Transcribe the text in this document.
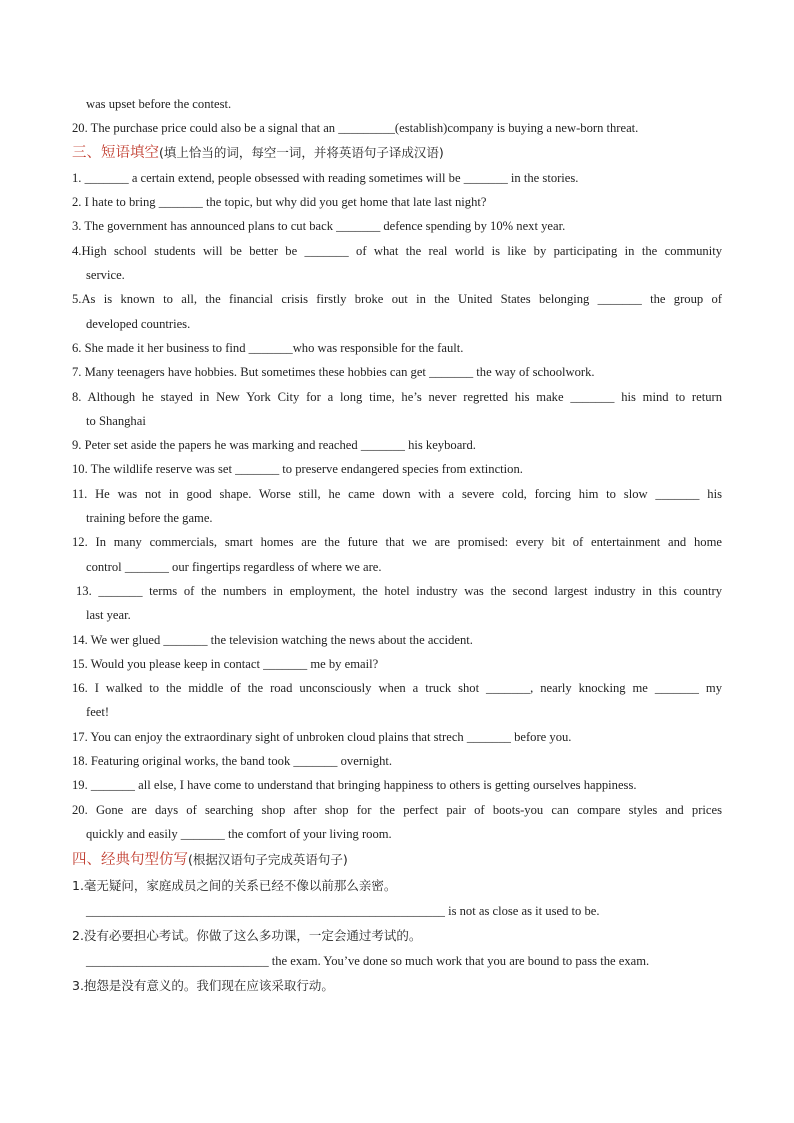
was upset before the contest.
20. The purchase price could also be a signal that an _________(establish)company is buying a new-born threat.
三、短语填空(填上恰当的词，每空一词，并将英语句子译成汉语)
1. _______ a certain extend, people obsessed with reading sometimes will be _______ in the stories.
2. I hate to bring _______ the topic, but why did you get home that late last night?
3. The government has announced plans to cut back _______ defence spending by 10% next year.
4.High school students will be better be _______ of what the real world is like by participating in the community
service.
5.As is known to all, the financial crisis firstly broke out in the United States belonging _______ the group of
developed countries.
6. She made it her business to find _______who was responsible for the fault.
7. Many teenagers have hobbies. But sometimes these hobbies can get _______ the way of schoolwork.
8. Although he stayed in New York City for a long time, he’s never regretted his make _______ his mind to return
to Shanghai
9. Peter set aside the papers he was marking and reached _______ his keyboard.
10. The wildlife reserve was set _______ to preserve endangered species from extinction.
11. He was not in good shape. Worse still, he came down with a severe cold, forcing him to slow _______ his
training before the game.
12. In many commercials, smart homes are the future that we are promised: every bit of entertainment and home
control _______ our fingertips regardless of where we are.
13. _______ terms of the numbers in employment, the hotel industry was the second largest industry in this country
last year.
14. We wer glued _______ the television watching the news about the accident.
15. Would you please keep in contact _______ me by email?
16. I walked to the middle of the road unconsciously when a truck shot _______, nearly knocking me _______ my
feet!
17. You can enjoy the extraordinary sight of unbroken cloud plains that strech _______ before you.
18. Featuring original works, the band took _______ overnight.
19. _______ all else, I have come to understand that bringing happiness to others is getting ourselves happiness.
20. Gone are days of searching shop after shop for the perfect pair of boots-you can compare styles and prices
quickly and easily _______ the comfort of your living room.
四、经典句型仿写(根据汉语句子完成英语句子)
1.毫无疑问，家庭成员之间的关系已经不像以前那么亲密。
_________________________________________________________ is not as close as it used to be.
2.没有必要担心考试。你做了这么多功课，一定会通过考试的。
_____________________________ the exam. You’ve done so much work that you are bound to pass the exam.
3.抱怨是没有意义的。我们现在应该采取行动。
